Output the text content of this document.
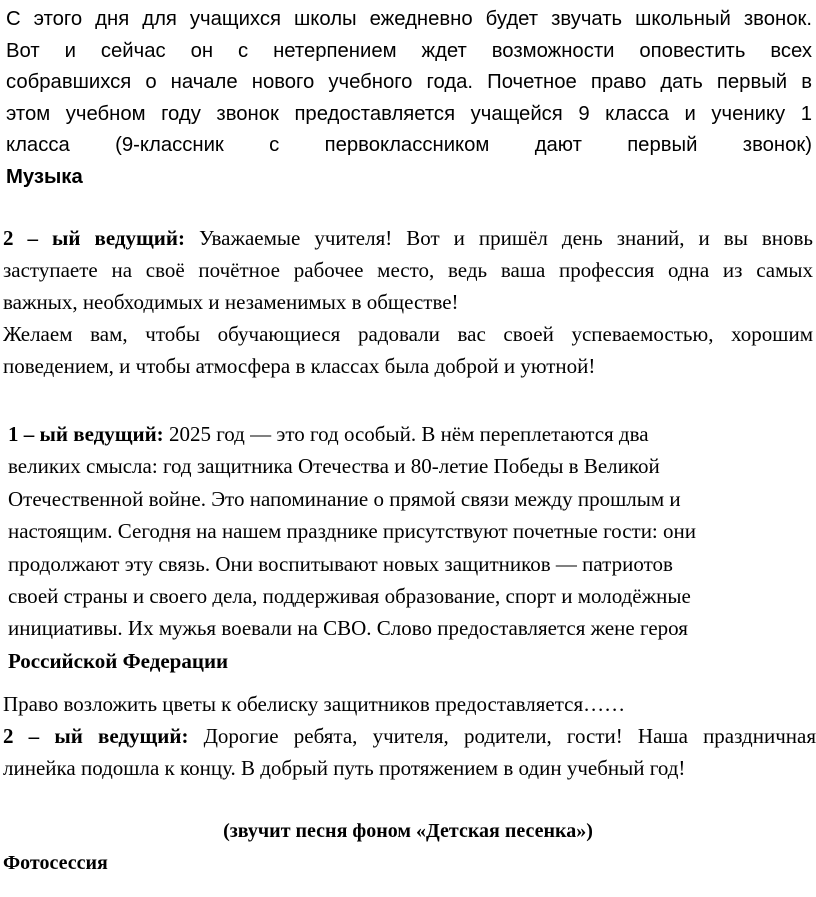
С этого дня для учащихся школы ежедневно будет звучать школьный звонок.
Вот и сейчас он с нетерпением ждет возможности оповестить всех
собравшихся о начале нового учебного года. Почетное право дать первый в
этом учебном году звонок предоставляется учащейся 9 класса и ученику 1
класса (9-классник с первоклассником дают первый звонок)
Музыка
2 – ый ведущий: Уважаемые учителя! Вот и пришёл день знаний, и вы вновь
заступаете на своё почётное рабочее место, ведь ваша профессия одна из самых
важных, необходимых и незаменимых в обществе!
Желаем вам, чтобы обучающиеся радовали вас своей успеваемостью, хорошим
поведением, и чтобы атмосфера в классах была доброй и уютной!
1 – ый ведущий: 2025 год — это год особый. В нём переплетаются два
великих смысла: год защитника Отечества и 80-летие Победы в Великой
Отечественной войне. Это напоминание о прямой связи между прошлым и
настоящим. Сегодня на нашем празднике присутствуют почетные гости: они
продолжают эту связь. Они воспитывают новых защитников — патриотов
своей страны и своего дела, поддерживая образование, спорт и молодёжные
инициативы. Их мужья воевали на СВО. Слово предоставляется жене героя
Российской Федерации
Право возложить цветы к обелиску защитников предоставляется……
2 – ый ведущий: Дорогие ребята, учителя, родители, гости! Наша праздничная
линейка подошла к концу. В добрый путь протяжением в один учебный год!
(звучит песня фоном «Детская песенка»)
Фотосессия
